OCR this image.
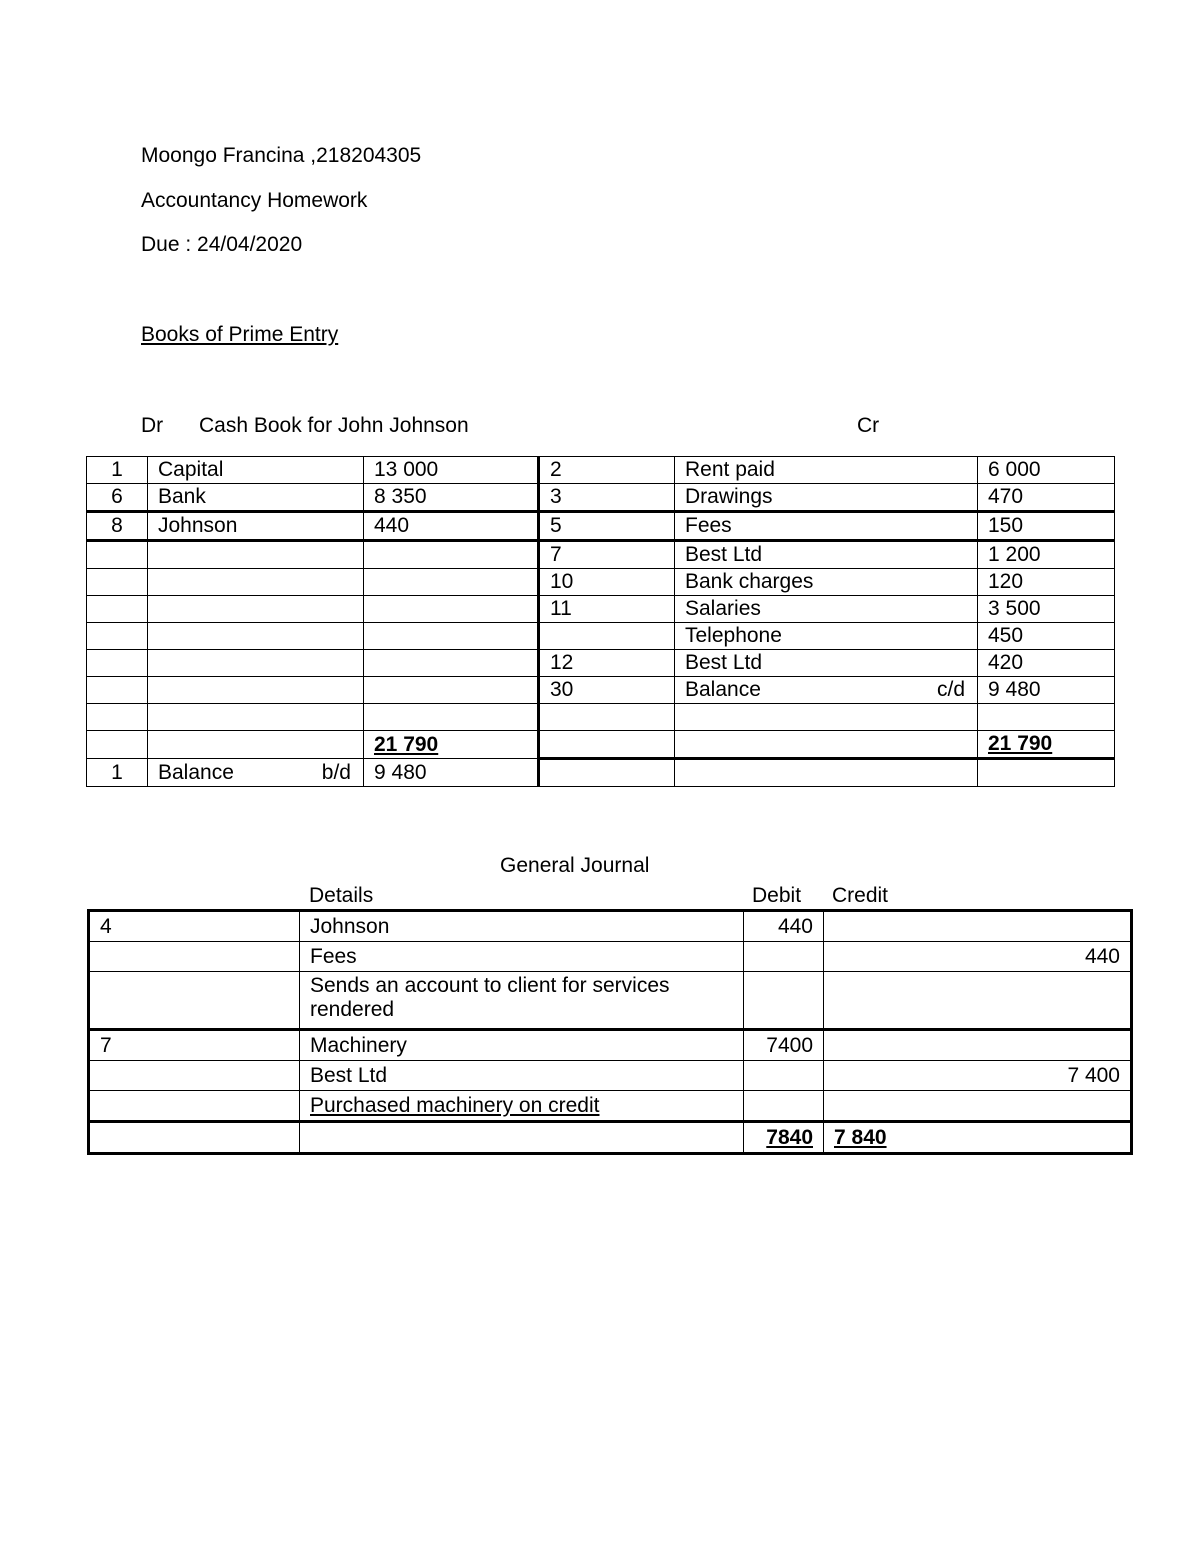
Moongo Francina ,218204305
Accountancy Homework
Due : 24/04/2020
Books of Prime Entry
Dr Cash Book for John Johnson	Cr
1	Capital	13 000	2	Rent paid	6 000
6	Bank	8 350	3	Drawings	470
8	Johnson	440	5	Fees	150
			7	Best Ltd	1 200
			10	Bank charges	120
			11	Salaries	3 500
				Telephone	450
			12	Best Ltd	420
			30	Balance c/d	9 480

		21 790			21 790
1	Balance b/d	9 480			
General Journal
Details	Debit Credit
4	Johnson	440	
	Fees		440
	Sends an account to client for services rendered		
7	Machinery	7400	
	Best Ltd		7 400
	Purchased machinery on credit		
		7840	7 840
